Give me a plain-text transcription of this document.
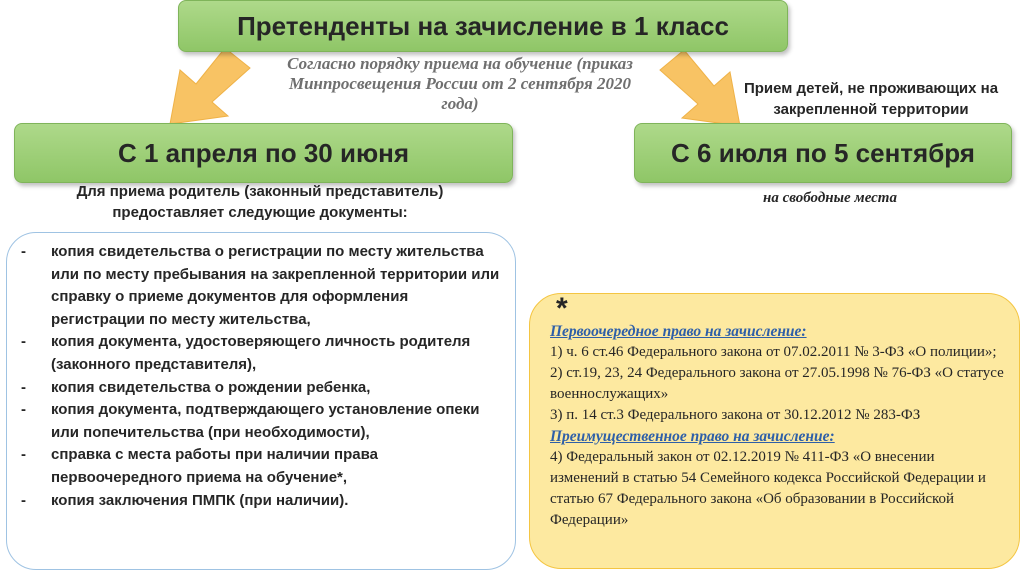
Претенденты на зачисление в 1 класс
Согласно порядку приема на обучение (приказ Минпросвещения России от 2 сентября 2020 года)
Прием детей, не проживающих на закрепленной территории
С 1 апреля по 30 июня	С 6 июля по 5 сентября
на свободные места
Для приема родитель (законный представитель) предоставляет следующие документы:
- копия свидетельства о регистрации по месту жительства или по месту пребывания на закрепленной территории или справку о приеме документов для оформления регистрации по месту жительства,
- копия документа, удостоверяющего личность родителя (законного представителя),
- копия свидетельства о рождении ребенка,
- копия документа, подтверждающего установление опеки или попечительства (при необходимости),
- справка с места работы при наличии права первоочередного приема на обучение*,
- копия заключения ПМПК (при наличии).
*
Первоочередное право на зачисление:
1) ч. 6 ст.46 Федерального закона от 07.02.2011 № 3-ФЗ «О полиции»;
2) ст.19, 23, 24 Федерального закона от 27.05.1998 № 76-ФЗ «О статусе военнослужащих»
3) п. 14 ст.3 Федерального закона от 30.12.2012 № 283-ФЗ
Преимущественное право на зачисление:
4) Федеральный закон от 02.12.2019 № 411-ФЗ «О внесении изменений в статью 54 Семейного кодекса Российской Федерации и статью 67 Федерального закона «Об образовании в Российской Федерации»
